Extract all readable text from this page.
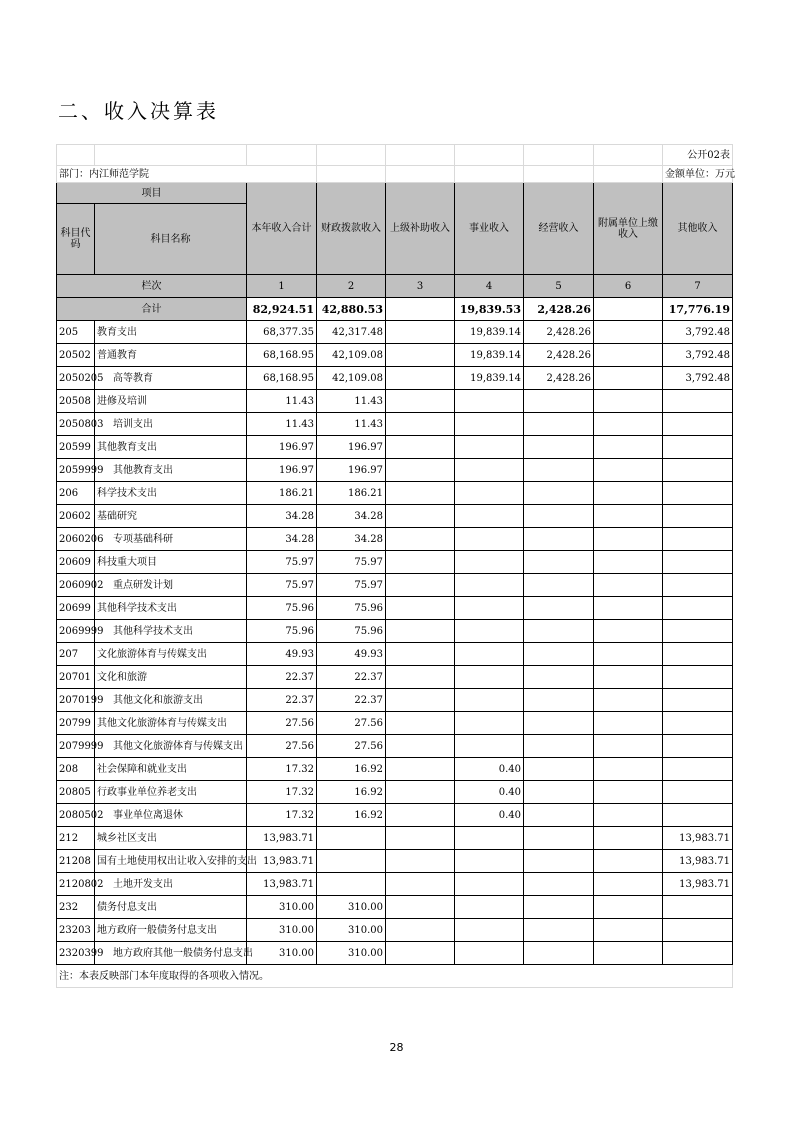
二、收入决算表
								公开02表
部门：内江师范学院								金额单位：万元
项目		本年收入合计	财政拨款收入	上级补助收入	事业收入	经营收入	附属单位上缴收入	其他收入
科目代码	科目名称							

栏次		1	2	3	4	5	6	7
合计		82,924.51	42,880.53		19,839.53	2,428.26		17,776.19
205	教育支出	68,377.35	42,317.48		19,839.14	2,428.26		3,792.48
20502	普通教育	68,168.95	42,109.08		19,839.14	2,428.26		3,792.48
2050205	高等教育	68,168.95	42,109.08		19,839.14	2,428.26		3,792.48
20508	进修及培训	11.43	11.43					
2050803	培训支出	11.43	11.43					
20599	其他教育支出	196.97	196.97					
2059999	其他教育支出	196.97	196.97					
206	科学技术支出	186.21	186.21					
20602	基础研究	34.28	34.28					
2060206	专项基础科研	34.28	34.28					
20609	科技重大项目	75.97	75.97					
2060902	重点研发计划	75.97	75.97					
20699	其他科学技术支出	75.96	75.96					
2069999	其他科学技术支出	75.96	75.96					
207	文化旅游体育与传媒支出	49.93	49.93					
20701	文化和旅游	22.37	22.37					
2070199	其他文化和旅游支出	22.37	22.37					
20799	其他文化旅游体育与传媒支出	27.56	27.56					
2079999	其他文化旅游体育与传媒支出	27.56	27.56					
208	社会保障和就业支出	17.32	16.92		0.40			
20805	行政事业单位养老支出	17.32	16.92		0.40			
2080502	事业单位离退休	17.32	16.92		0.40			
212	城乡社区支出	13,983.71						13,983.71
21208	国有土地使用权出让收入安排的支出	13,983.71						13,983.71
2120802	土地开发支出	13,983.71						13,983.71
232	债务付息支出	310.00	310.00					
23203	地方政府一般债务付息支出	310.00	310.00					
2320399	地方政府其他一般债务付息支出	310.00	310.00					
注：本表反映部门本年度取得的各项收入情况。								
28
